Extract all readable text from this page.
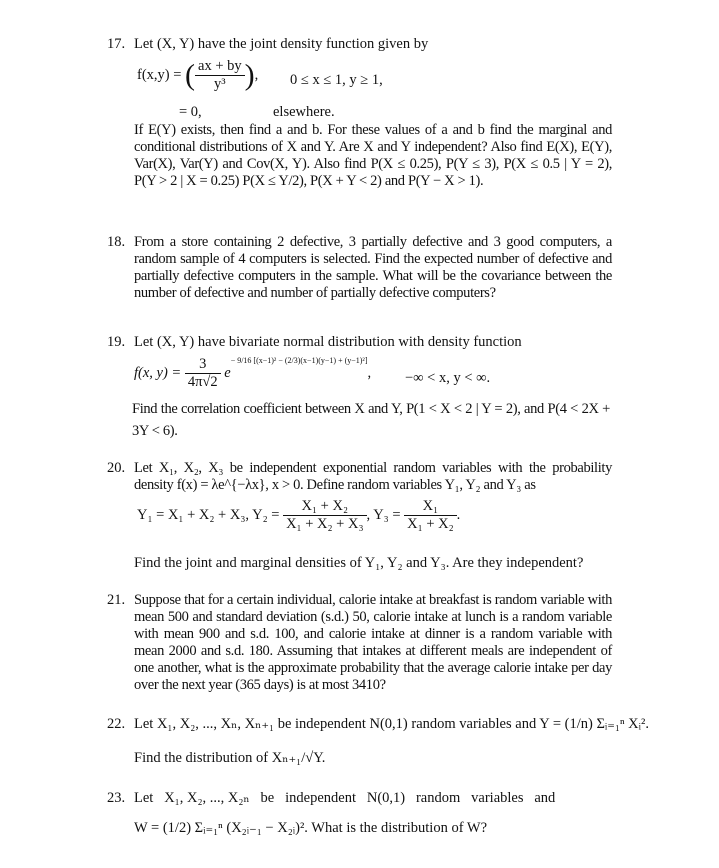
17. Let (X, Y) have the joint density function given by
f(x,y) = ( $\frac{ax + by}{\text{y³}}$ ), 0 ≤ x ≤ 1, y ≥ 1,
= 0,	elsewhere.
If E(Y) exists, then find a and b. For these values of a and b find the marginal and conditional distributions of X and Y. Are X and Y independent? Also find E(X), E(Y), Var(X), Var(Y) and Cov(X, Y). Also find P(X ≤ 0.25), P(Y ≤ 3), P(X ≤ 0.5 | Y = 2), P(Y > 2 | X = 0.25) P(X ≤ Y/2), P(X + Y < 2) and P(Y − X > 1).
18. From a store containing 2 defective, 3 partially defective and 3 good computers, a random sample of 4 computers is selected. Find the expected number of defective and partially defective computers in the sample. What will be the covariance between the number of defective and number of partially defective computers?
19. Let (X, Y) have bivariate normal distribution with density function
f(x, $y) = \frac{3}{4\pi√2} e^{- 9/16 [(x-1)^2 - (2/3)(x-1)(y-1) + (y-1)^2]}$, −∞ < x, y < ∞.
Find the correlation coefficient between X and Y, P(1 < X < 2 | Y = 2), and P(4 < 2X + 3Y < 6).
20. Let X₁, X₂, X₃ be independent exponential random variables with the probability density f(x) = λe^{−λx}, x > 0. Define random variables Y₁, Y₂ and Y₃ as
Y₁ = X₁ + X₂ + X₃, $Y_2 = \frac{\text{X₁ + X₂}}{\text{X₁ + X₂ + X₃}}$ , $Y_3 = \frac{\text{X₁}}{\text{X₁ + X₂}}$ .
Find the joint and marginal densities of Y₁, Y₂ and Y₃. Are they independent?
21. Suppose that for a certain individual, calorie intake at breakfast is random variable with mean 500 and standard deviation (s.d.) 50, calorie intake at lunch is a random variable with mean 900 and s.d. 100, and calorie intake at dinner is a random variable with mean 2000 and s.d. 180. Assuming that intakes at different meals are independent of one another, what is the approximate probability that the average calorie intake per day over the next year (365 days) is at most 3410?
22. Let X₁, X₂, ..., Xₙ, Xₙ₊₁ be independent N(0,1) random variables and Y = (1/n) Σᵢ₌₁ⁿ Xᵢ².
Find the distribution of Xₙ₊₁/√Y.
23. Let   X₁, X₂, ..., X₂ₙ   be   independent   N(0,1)   random   variables   and
W = (1/2) Σᵢ₌₁ⁿ (X₂ᵢ₋₁ − X₂ᵢ)². What is the distribution of W?
